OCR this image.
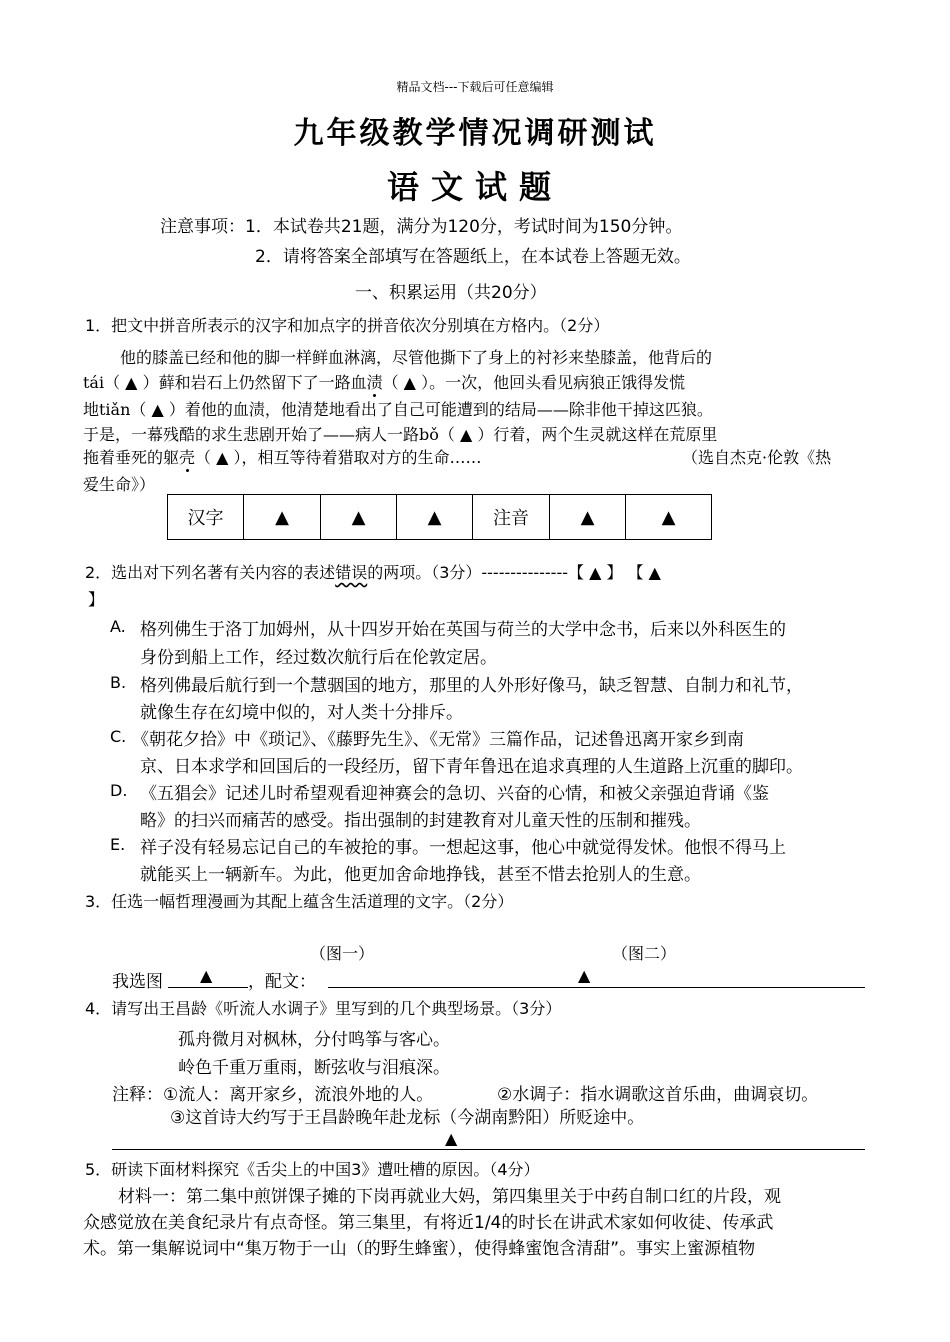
精品文档---下载后可任意编辑
九年级教学情况调研测试
语文试题
注意事项：1．本试卷共21题，满分为120分，考试时间为150分钟。
2．请将答案全部填写在答题纸上，在本试卷上答题无效。
一、积累运用（共20分）
1．把文中拼音所表示的汉字和加点字的拼音依次分别填在方格内。（2分）
他的膝盖已经和他的脚一样鲜血淋漓，尽管他撕下了身上的衬衫来垫膝盖，他背后的
tái（ ▲ ）藓和岩石上仍然留下了一路血渍（ ▲ ）。一次，他回头看见病狼正饿得发慌
地tiǎn（ ▲ ）着他的血渍，他清楚地看出了自己可能遭到的结局——除非他干掉这匹狼。
于是，一幕残酷的求生悲剧开始了——病人一路bǒ（ ▲ ）行着，两个生灵就这样在荒原里
拖着垂死的躯壳（ ▲ ），相互等待着猎取对方的生命……	（选自杰克·伦敦《热
爱生命》）
汉字	▲	▲	▲	注音	▲	▲
2．选出对下列名著有关内容的表述错误的两项。（3分）---------------【 ▲ 】 【 ▲
】
A. 格列佛生于洛丁加姆州，从十四岁开始在英国与荷兰的大学中念书，后来以外科医生的
身份到船上工作，经过数次航行后在伦敦定居。
B. 格列佛最后航行到一个慧骃国的地方，那里的人外形好像马，缺乏智慧、自制力和礼节，
就像生存在幻境中似的，对人类十分排斥。
C. 《朝花夕拾》中《琐记》、《藤野先生》、《无常》三篇作品，记述鲁迅离开家乡到南
京、日本求学和回国后的一段经历，留下青年鲁迅在追求真理的人生道路上沉重的脚印。
D. 《五猖会》记述儿时希望观看迎神赛会的急切、兴奋的心情，和被父亲强迫背诵《鉴
略》的扫兴而痛苦的感受。指出强制的封建教育对儿童天性的压制和摧残。
E. 祥子没有轻易忘记自己的车被抢的事。一想起这事，他心中就觉得发怵。他恨不得马上
就能买上一辆新车。为此，他更加舍命地挣钱，甚至不惜去抢别人的生意。
3．任选一幅哲理漫画为其配上蕴含生活道理的文字。（2分）
（图一）	（图二）
我选图 ▲ ，配文：	▲
4．请写出王昌龄《听流人水调子》里写到的几个典型场景。（3分）
孤舟微月对枫林，分付鸣筝与客心。
岭色千重万重雨，断弦收与泪痕深。
注释：①流人：离开家乡，流浪外地的人。	②水调子：指水调歌这首乐曲，曲调哀切。
③这首诗大约写于王昌龄晚年赴龙标（今湖南黔阳）所贬途中。
▲
5．研读下面材料探究《舌尖上的中国3》遭吐槽的原因。（4分）
材料一：第二集中煎饼馃子摊的下岗再就业大妈，第四集里关于中药自制口红的片段，观
众感觉放在美食纪录片有点奇怪。第三集里，有将近1/4的时长在讲武术家如何收徒、传承武
术。第一集解说词中“集万物于一山（的野生蜂蜜），使得蜂蜜饱含清甜”。事实上蜜源植物
